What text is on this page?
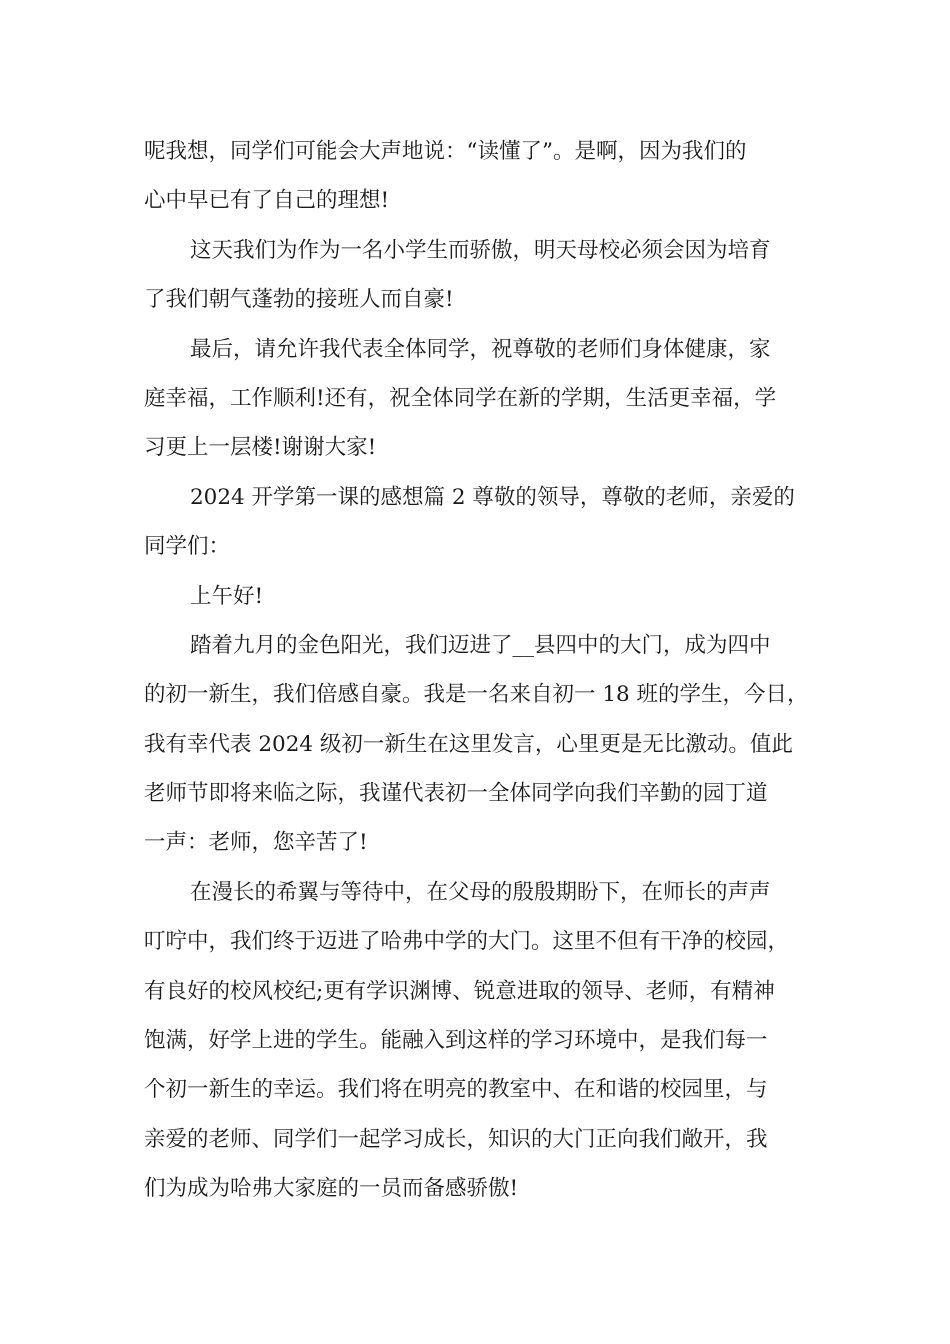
呢我想，同学们可能会大声地说：“读懂了”。是啊，因为我们的
心中早已有了自己的理想!
这天我们为作为一名小学生而骄傲，明天母校必须会因为培育
了我们朝气蓬勃的接班人而自豪!
最后，请允许我代表全体同学，祝尊敬的老师们身体健康，家
庭幸福，工作顺利!还有，祝全体同学在新的学期，生活更幸福，学
习更上一层楼!谢谢大家!
2024 开学第一课的感想篇 2 尊敬的领导，尊敬的老师，亲爱的
同学们：
上午好!
踏着九月的金色阳光，我们迈进了__县四中的大门，成为四中
的初一新生，我们倍感自豪。我是一名来自初一 18 班的学生，今日，
我有幸代表 2024 级初一新生在这里发言，心里更是无比激动。值此
老师节即将来临之际，我谨代表初一全体同学向我们辛勤的园丁道
一声：老师，您辛苦了!
在漫长的希翼与等待中，在父母的殷殷期盼下，在师长的声声
叮咛中，我们终于迈进了哈弗中学的大门。这里不但有干净的校园，
有良好的校风校纪;更有学识渊博、锐意进取的领导、老师，有精神
饱满，好学上进的学生。能融入到这样的学习环境中，是我们每一
个初一新生的幸运。我们将在明亮的教室中、在和谐的校园里，与
亲爱的老师、同学们一起学习成长，知识的大门正向我们敞开，我
们为成为哈弗大家庭的一员而备感骄傲!
